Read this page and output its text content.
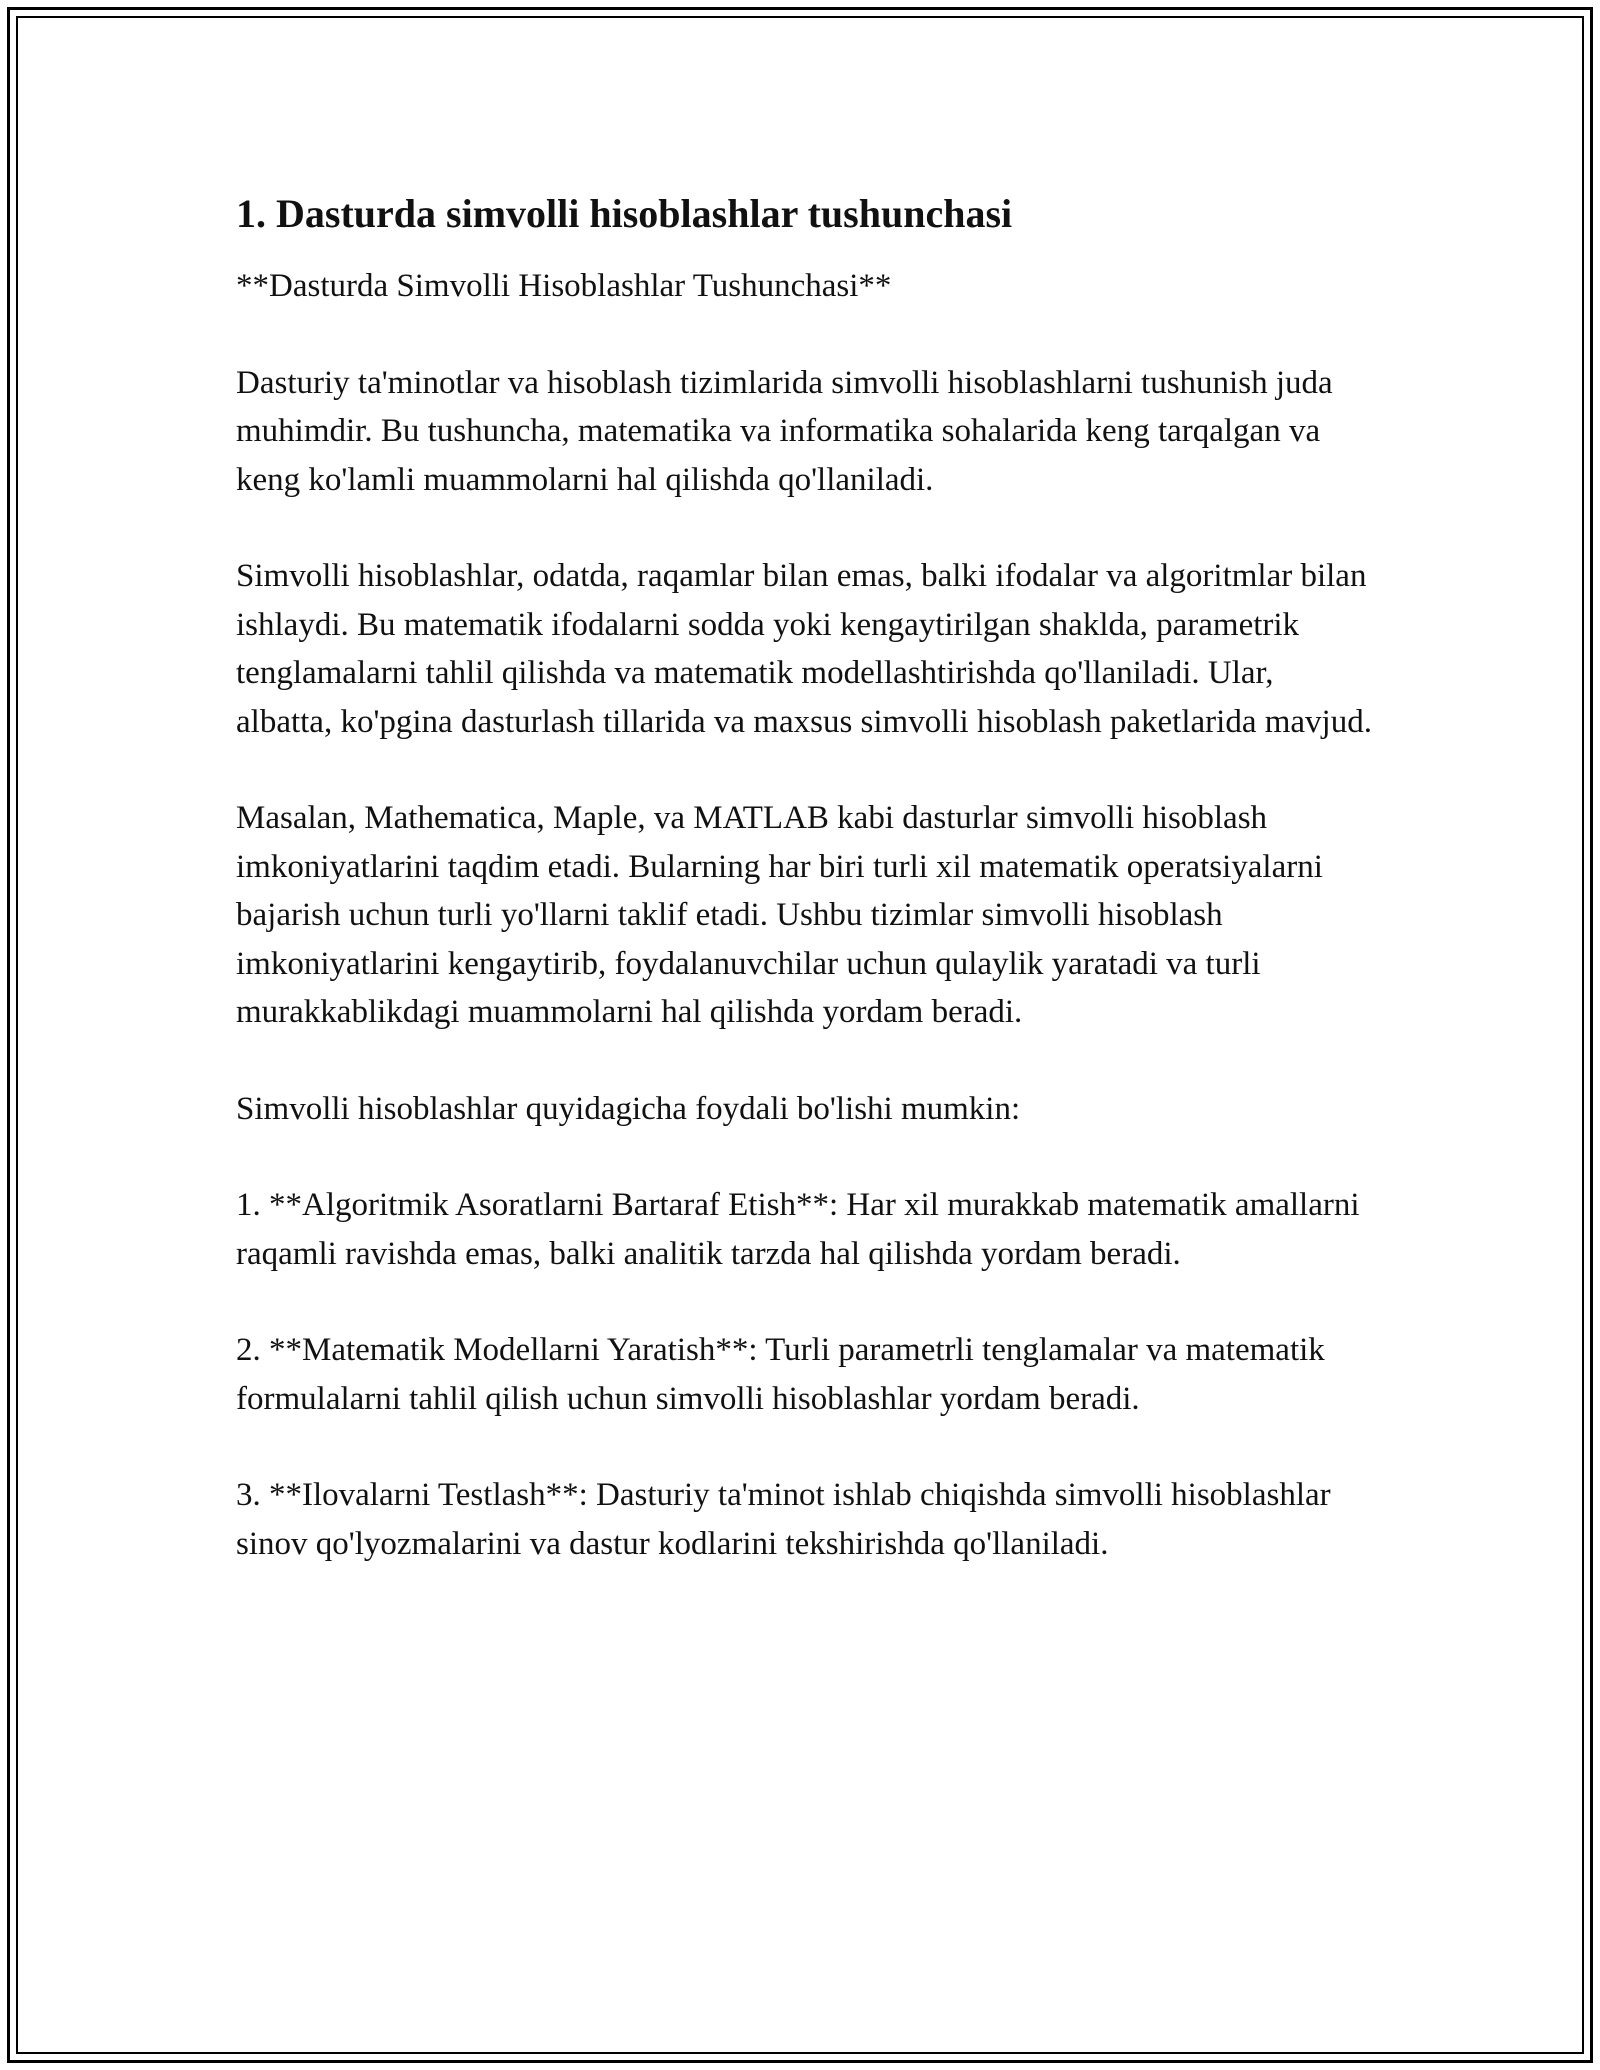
1. Dasturda simvolli hisoblashlar tushunchasi

**Dasturda Simvolli Hisoblashlar Tushunchasi**

Dasturiy ta'minotlar va hisoblash tizimlarida simvolli hisoblashlarni tushunish juda muhimdir. Bu tushuncha, matematika va informatika sohalarida keng tarqalgan va keng ko'lamli muammolarni hal qilishda qo'llaniladi.

Simvolli hisoblashlar, odatda, raqamlar bilan emas, balki ifodalar va algoritmlar bilan ishlaydi. Bu matematik ifodalarni sodda yoki kengaytirilgan shaklda, parametrik tenglamalarni tahlil qilishda va matematik modellashtirishda qo'llaniladi. Ular, albatta, ko'pgina dasturlash tillarida va maxsus simvolli hisoblash paketlarida mavjud.

Masalan, Mathematica, Maple, va MATLAB kabi dasturlar simvolli hisoblash imkoniyatlarini taqdim etadi. Bularning har biri turli xil matematik operatsiyalarni bajarish uchun turli yo'llarni taklif etadi. Ushbu tizimlar simvolli hisoblash imkoniyatlarini kengaytirib, foydalanuvchilar uchun qulaylik yaratadi va turli murakkablikdagi muammolarni hal qilishda yordam beradi.

Simvolli hisoblashlar quyidagicha foydali bo'lishi mumkin:

1. **Algoritmik Asoratlarni Bartaraf Etish**: Har xil murakkab matematik amallarni raqamli ravishda emas, balki analitik tarzda hal qilishda yordam beradi.

2. **Matematik Modellarni Yaratish**: Turli parametrli tenglamalar va matematik formulalarni tahlil qilish uchun simvolli hisoblashlar yordam beradi.

3. **Ilovalarni Testlash**: Dasturiy ta'minot ishlab chiqishda simvolli hisoblashlar sinov qo'lyozmalarini va dastur kodlarini tekshirishda qo'llaniladi.
